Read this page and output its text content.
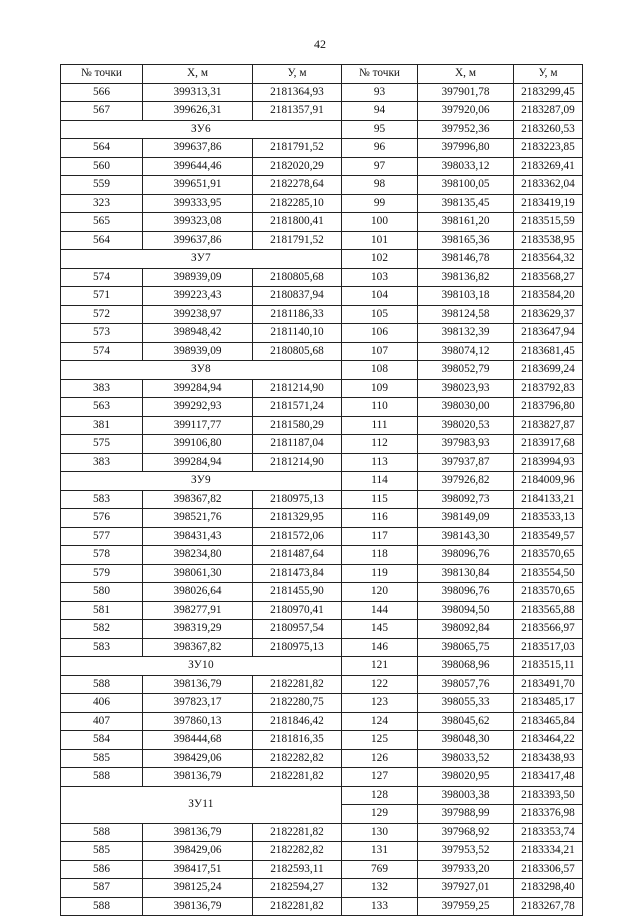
42
№ точки	X, м	У, м	№ точки	X, м	У, м
566	399313,31	2181364,93	93	397901,78	2183299,45
567	399626,31	2181357,91	94	397920,06	2183287,09
ЗУ6			95	397952,36	2183260,53
564	399637,86	2181791,52	96	397996,80	2183223,85
560	399644,46	2182020,29	97	398033,12	2183269,41
559	399651,91	2182278,64	98	398100,05	2183362,04
323	399333,95	2182285,10	99	398135,45	2183419,19
565	399323,08	2181800,41	100	398161,20	2183515,59
564	399637,86	2181791,52	101	398165,36	2183538,95
ЗУ7			102	398146,78	2183564,32
574	398939,09	2180805,68	103	398136,82	2183568,27
571	399223,43	2180837,94	104	398103,18	2183584,20
572	399238,97	2181186,33	105	398124,58	2183629,37
573	398948,42	2181140,10	106	398132,39	2183647,94
574	398939,09	2180805,68	107	398074,12	2183681,45
ЗУ8			108	398052,79	2183699,24
383	399284,94	2181214,90	109	398023,93	2183792,83
563	399292,93	2181571,24	110	398030,00	2183796,80
381	399117,77	2181580,29	111	398020,53	2183827,87
575	399106,80	2181187,04	112	397983,93	2183917,68
383	399284,94	2181214,90	113	397937,87	2183994,93
ЗУ9			114	397926,82	2184009,96
583	398367,82	2180975,13	115	398092,73	2184133,21
576	398521,76	2181329,95	116	398149,09	2183533,13
577	398431,43	2181572,06	117	398143,30	2183549,57
578	398234,80	2181487,64	118	398096,76	2183570,65
579	398061,30	2181473,84	119	398130,84	2183554,50
580	398026,64	2181455,90	120	398096,76	2183570,65
581	398277,91	2180970,41	144	398094,50	2183565,88
582	398319,29	2180957,54	145	398092,84	2183566,97
583	398367,82	2180975,13	146	398065,75	2183517,03
ЗУ10			121	398068,96	2183515,11
588	398136,79	2182281,82	122	398057,76	2183491,70
406	397823,17	2182280,75	123	398055,33	2183485,17
407	397860,13	2181846,42	124	398045,62	2183465,84
584	398444,68	2181816,35	125	398048,30	2183464,22
585	398429,06	2182282,82	126	398033,52	2183438,93
588	398136,79	2182281,82	127	398020,95	2183417,48
ЗУ11			128	398003,38	2183393,50
			129	397988,99	2183376,98
588	398136,79	2182281,82	130	397968,92	2183353,74
585	398429,06	2182282,82	131	397953,52	2183334,21
586	398417,51	2182593,11	769	397933,20	2183306,57
587	398125,24	2182594,27	132	397927,01	2183298,40
588	398136,79	2182281,82	133	397959,25	2183267,78
